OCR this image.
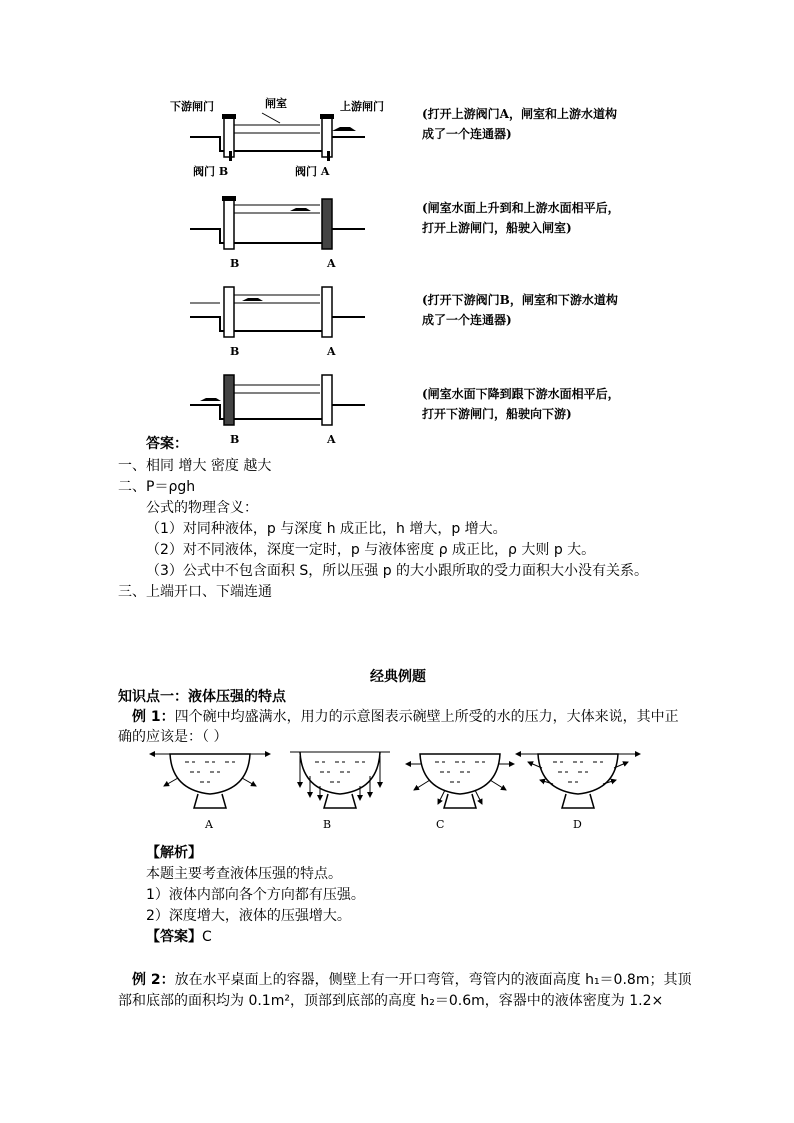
下游闸门	闸室	上游闸门
阀门 B	阀门 A
B	A
B	A
B	A
(打开上游阀门A，闸室和上游水道构
成了一个连通器)
(闸室水面上升到和上游水面相平后，
打开上游闸门，船驶入闸室)
(打开下游阀门B，闸室和下游水道构
成了一个连通器)
(闸室水面下降到跟下游水面相平后，
打开下游闸门，船驶向下游)
答案：
一、相同 增大 密度 越大
二、P＝ρgh
公式的物理含义：
（1）对同种液体，p 与深度 h 成正比，h 增大，p 增大。
（2）对不同液体，深度一定时，p 与液体密度 ρ 成正比，ρ 大则 p 大。
（3）公式中不包含面积 S，所以压强 p 的大小跟所取的受力面积大小没有关系。
三、上端开口、下端连通
经典例题
知识点一：液体压强的特点
例 1：四个碗中均盛满水，用力的示意图表示碗壁上所受的水的压力，大体来说，其中正
确的应该是：（ ）
A	B	C	D
【解析】
本题主要考查液体压强的特点。
1）液体内部向各个方向都有压强。
2）深度增大，液体的压强增大。
【答案】C
例 2：放在水平桌面上的容器，侧壁上有一开口弯管，弯管内的液面高度 h₁＝0.8m；其顶
部和底部的面积均为 0.1m²，顶部到底部的高度 h₂＝0.6m，容器中的液体密度为 1.2×
